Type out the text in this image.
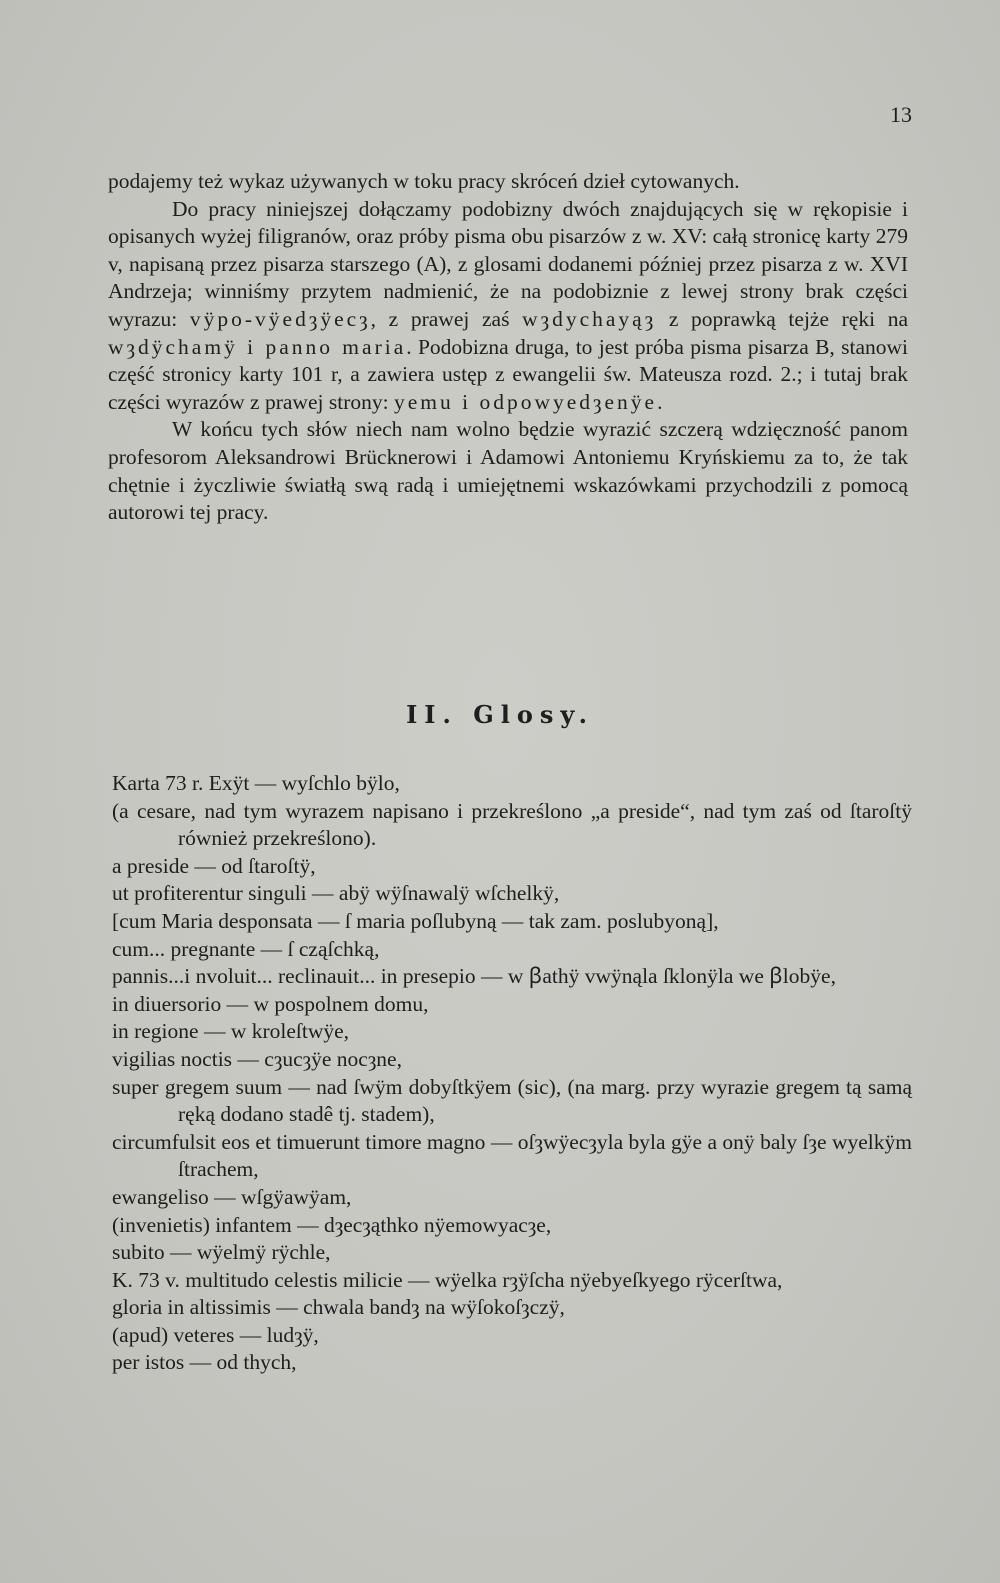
13

podajemy też wykaz używanych w toku pracy skróceń dzieł cytowanych.

Do pracy niniejszej dołączamy podobizny dwóch znajdujących się w rękopisie i opisanych wyżej filigranów, oraz próby pisma obu pisarzów z w. XV: całą stronicę karty 279 v, napisaną przez pisarza starszego (A), z glosami dodanemi później przez pisarza z w. XVI Andrzeja; winniśmy przytem nadmienić, że na podobiznie z lewej strony brak części wyrazu: vÿpo-vÿedȝÿecȝ, z prawej zaś wȝdychayąȝ z poprawką tejże ręki na wȝdÿchamÿ i panno maria. Podobizna druga, to jest próba pisma pisarza B, stanowi część stronicy karty 101 r, a zawiera ustęp z ewangelii św. Mateusza rozd. 2.; i tutaj brak części wyrazów z prawej strony: yemu i odpowyedȝenÿe.

W końcu tych słów niech nam wolno będzie wyrazić szczerą wdzięczność panom profesorom Aleksandrowi Brücknerowi i Adamowi Antoniemu Kryńskiemu za to, że tak chętnie i życzliwie światłą swą radą i umiejętnemi wskazówkami przychodzili z pomocą autorowi tej pracy.

II. Glosy.
Karta 73 r. Exÿt — wyſchlo bÿlo,
(a cesare, nad tym wyrazem napisano i przekreślono „a preside“, nad tym zaś od ſtaroſtÿ również przekreślono).
a preside — od ſtaroſtÿ,
ut profiterentur singuli — abÿ wÿſnawalÿ wſchelkÿ,
[cum Maria desponsata — ſ maria poſlubyną — tak zam. poslubyoną],
cum... pregnante — ſ cząſchką,
pannis...i nvoluit... reclinauit... in presepio — w ꞵathÿ vwÿnąla ſklonÿla we ꞵlobÿe,
in diuersorio — w pospolnem domu,
in regione — w kroleſtwÿe,
vigilias noctis — cȝucȝÿe nocȝne,
super gregem suum — nad ſwÿm dobyſtkÿem (sic), (na marg. przy wyrazie gregem tą samą ręką dodano stadê tj. stadem),
circumfulsit eos et timuerunt timore magno — oſȝwÿecȝyla byla gÿe a onÿ baly ſȝe wyelkÿm ſtrachem,
ewangeliso — wſgÿawÿam,
(invenietis) infantem — dȝecȝąthko nÿemowyacȝe,
subito — wÿelmÿ rÿchle,
K. 73 v. multitudo celestis milicie — wÿelka rȝÿſcha nÿebyeſkyego rÿcerſtwa,
gloria in altissimis — chwala bandȝ na wÿſokoſȝczÿ,
(apud) veteres — ludȝÿ,
per istos — od thych,
